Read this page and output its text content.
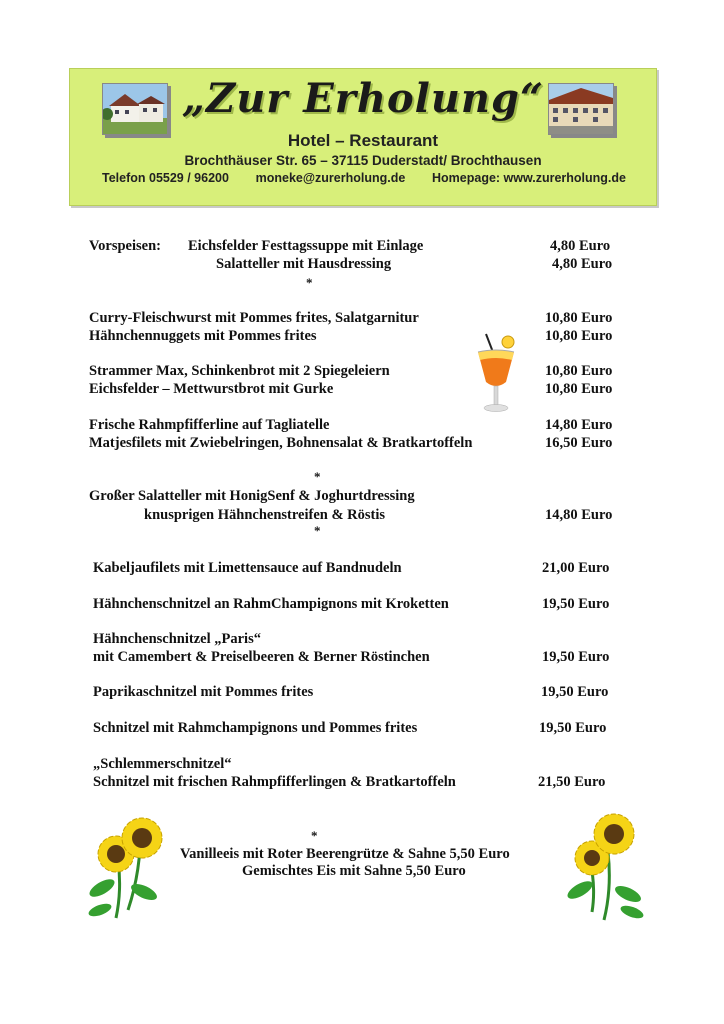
„Zur Erholung“
Hotel – Restaurant
Brochthäuser Str. 65 – 37115 Duderstadt/ Brochthausen
Telefon 05529 / 96200 moneke@zurerholung.de Homepage: www.zurerholung.de
Vorspeisen: Eichsfelder Festtagssuppe mit Einlage	4,80 Euro
Salatteller mit Hausdressing	4,80 Euro
*
Curry-Fleischwurst mit Pommes frites, Salatgarnitur	10,80 Euro
Hähnchennuggets mit Pommes frites	10,80 Euro
Strammer Max, Schinkenbrot mit 2 Spiegeleiern	10,80 Euro
Eichsfelder – Mettwurstbrot mit Gurke	10,80 Euro
Frische Rahmpfifferline auf Tagliatelle	14,80 Euro
Matjesfilets mit Zwiebelringen, Bohnensalat & Bratkartoffeln	16,50 Euro
*
Großer Salatteller mit HonigSenf & Joghurtdressing
knusprigen Hähnchenstreifen & Röstis	14,80 Euro
*
Kabeljaufilets mit Limettensauce auf Bandnudeln	21,00 Euro
Hähnchenschnitzel an RahmChampignons mit Kroketten	19,50 Euro
Hähnchenschnitzel „Paris“
mit Camembert & Preiselbeeren & Berner Röstinchen	19,50 Euro
Paprikaschnitzel mit Pommes frites	19,50 Euro
Schnitzel mit Rahmchampignons und Pommes frites	19,50 Euro
„Schlemmerschnitzel“
Schnitzel mit frischen Rahmpfifferlingen & Bratkartoffeln	21,50 Euro
*
Vanilleeis mit Roter Beerengrütze & Sahne 5,50 Euro
Gemischtes Eis mit Sahne 5,50 Euro
